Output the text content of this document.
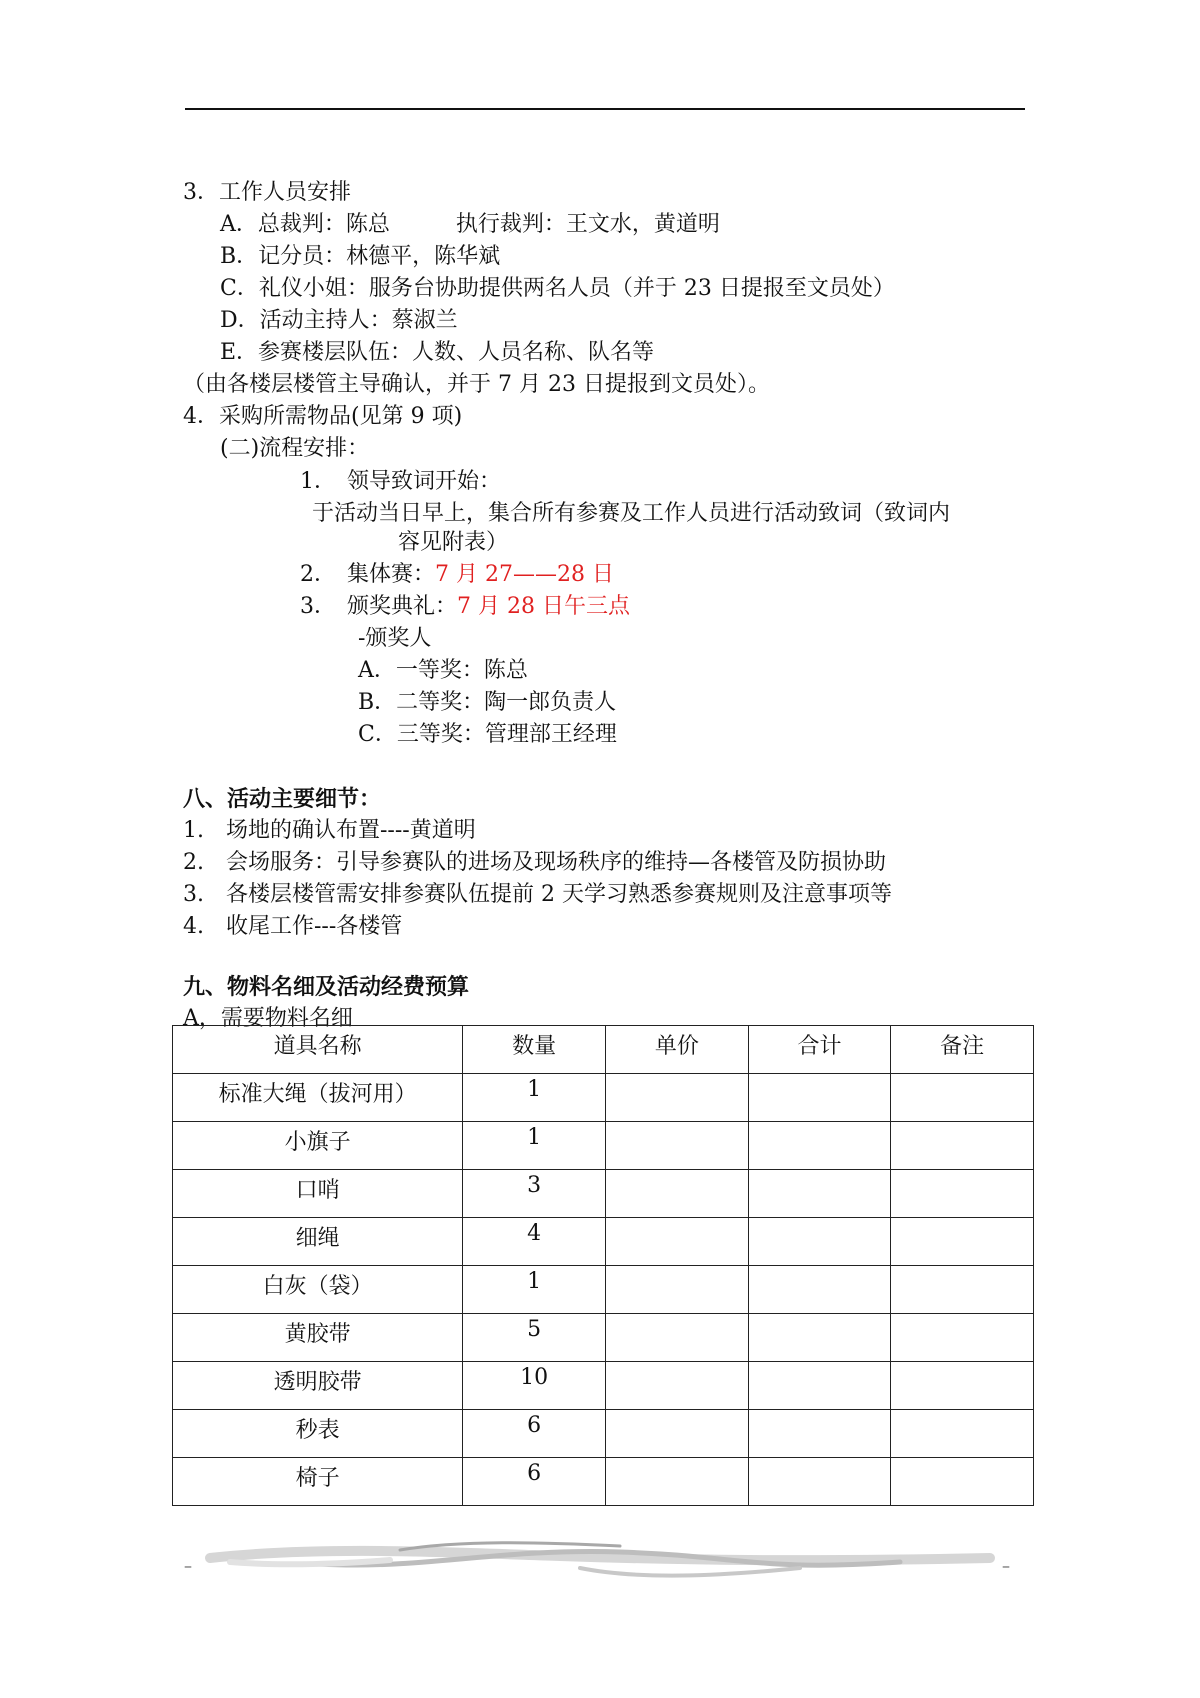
3．工作人员安排
A．总裁判：陈总　　　执行裁判：王文水，黄道明
B．记分员：林德平，陈华斌
C．礼仪小姐：服务台协助提供两名人员（并于 23 日提报至文员处）
D．活动主持人：蔡淑兰
E．参赛楼层队伍：人数、人员名称、队名等
（由各楼层楼管主导确认，并于 7 月 23 日提报到文员处）。
4．采购所需物品(见第 9 项)
(二)流程安排：
1．　领导致词开始：
于活动当日早上，集合所有参赛及工作人员进行活动致词（致词内
容见附表）
2．　集体赛：7 月 27——28 日
3．　颁奖典礼：7 月 28 日午三点
-颁奖人
A．一等奖：陈总
B．二等奖：陶一郎负责人
C．三等奖：管理部王经理
八、活动主要细节：
1.　场地的确认布置----黄道明
2.　会场服务：引导参赛队的进场及现场秩序的维持—各楼管及防损协助
3.　各楼层楼管需安排参赛队伍提前 2 天学习熟悉参赛规则及注意事项等
4.　收尾工作---各楼管
九、物料名细及活动经费预算
A，需要物料名细
道具名称	数量	单价	合计	备注
标准大绳（拔河用）	1			
小旗子	1			
口哨	3			
细绳	4			
白灰（袋）	1			
黄胶带	5			
透明胶带	10			
秒表	6			
椅子	6			
–	–
